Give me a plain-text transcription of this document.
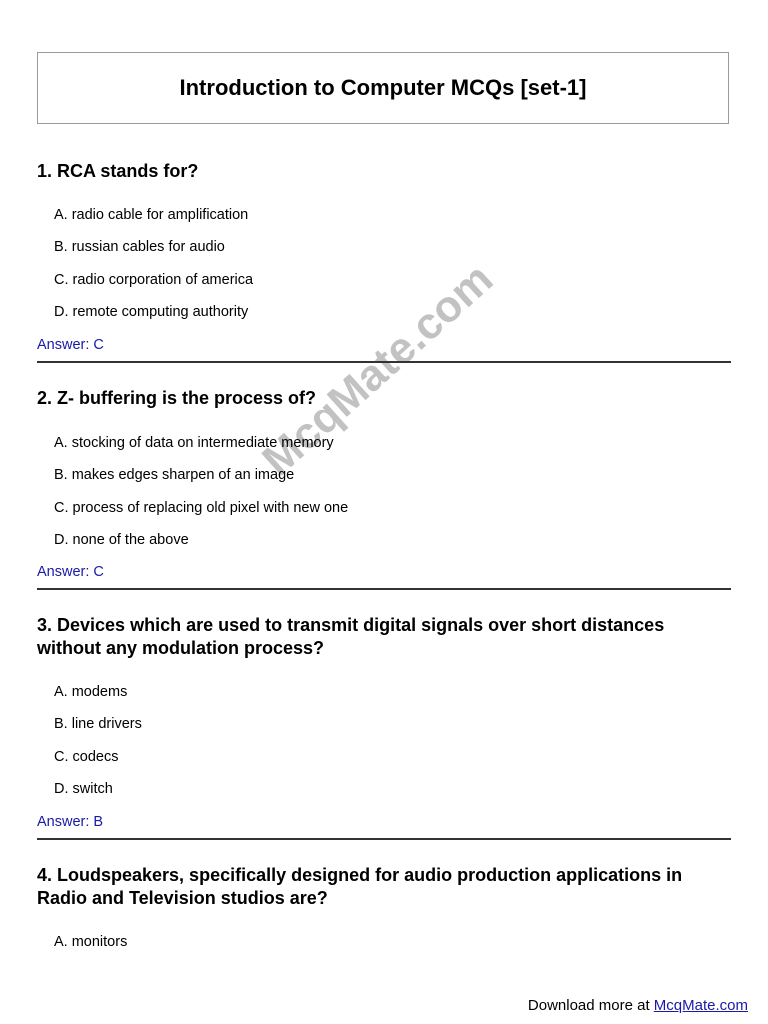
Introduction to Computer MCQs [set-1]
McqMate.com

1. RCA stands for?

A. radio cable for amplification
B. russian cables for audio
C. radio corporation of america
D. remote computing authority
Answer: C

2. Z- buffering is the process of?

A. stocking of data on intermediate memory
B. makes edges sharpen of an image
C. process of replacing old pixel with new one
D. none of the above
Answer: C

3. Devices which are used to transmit digital signals over short distances without any modulation process?

A. modems
B. line drivers
C. codecs
D. switch
Answer: B

4. Loudspeakers, specifically designed for audio production applications in Radio and Television studios are?

A. monitors
Download more at McqMate.com
